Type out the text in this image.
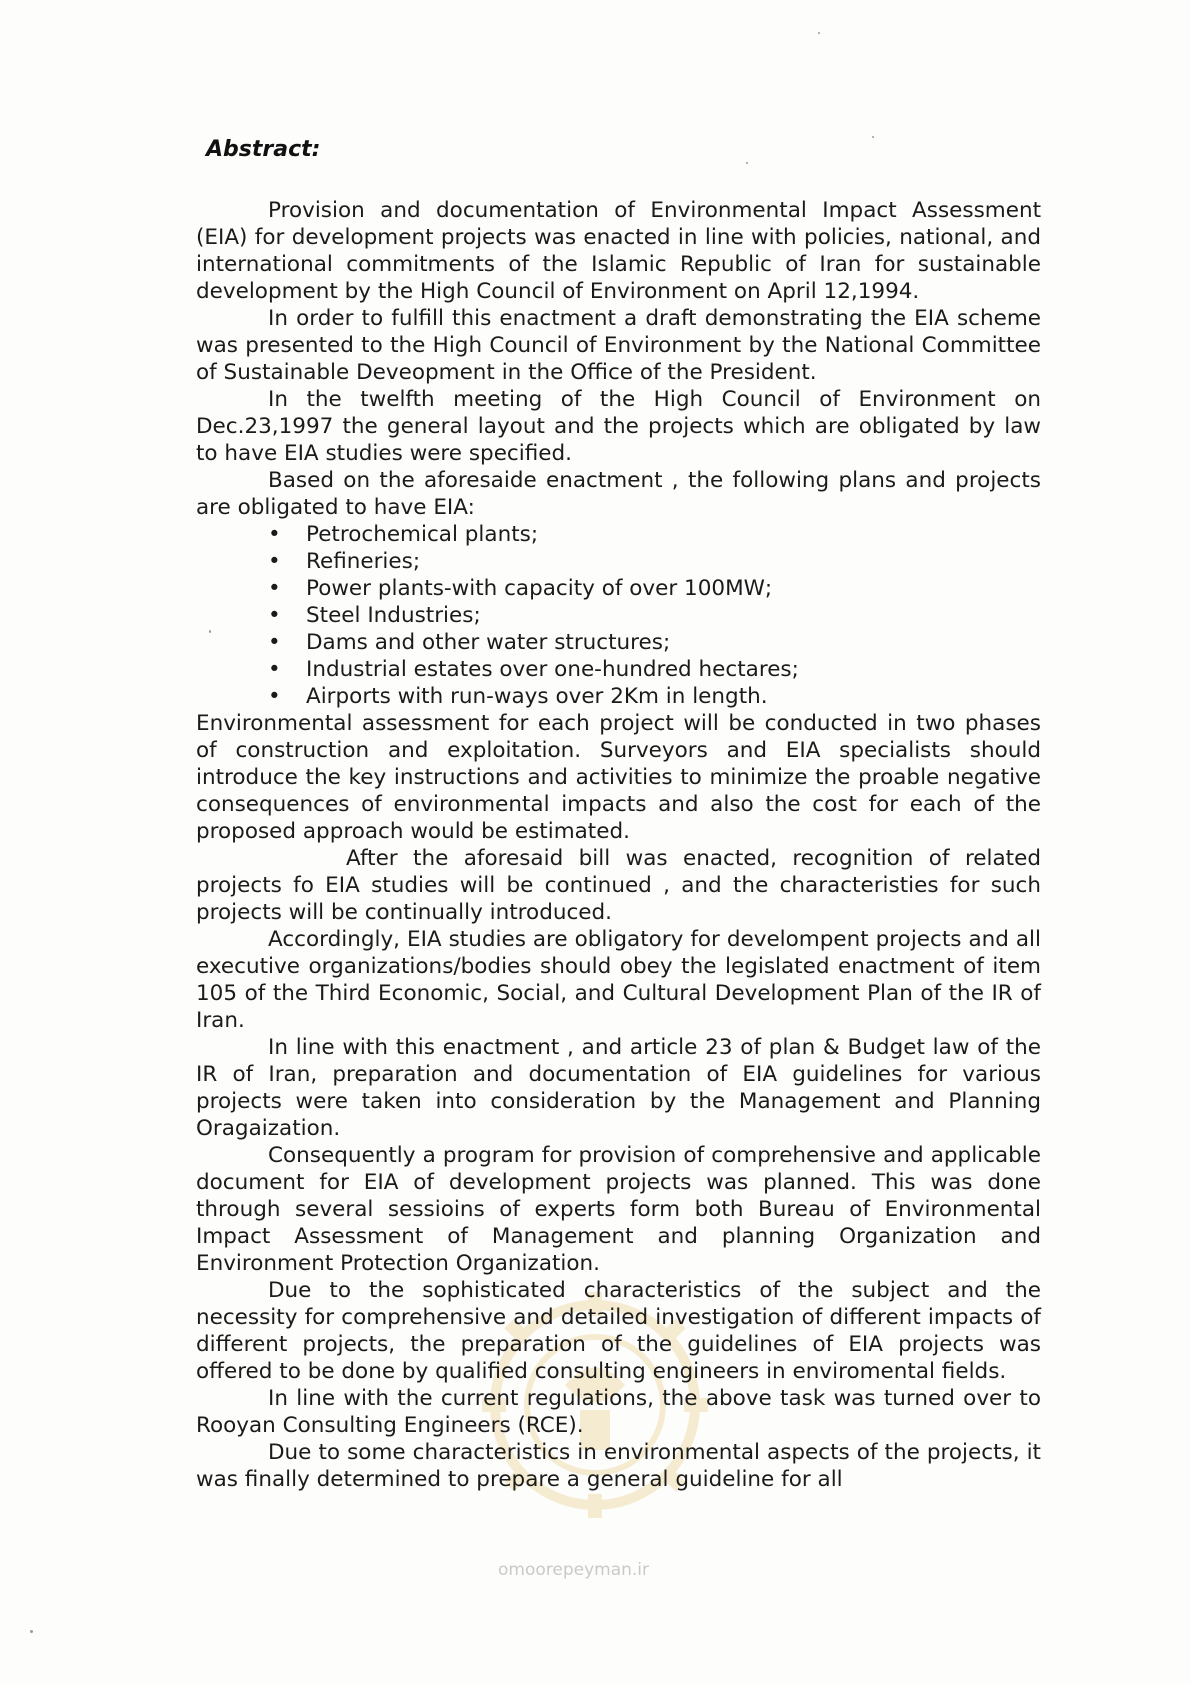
omoorepeyman.ir
Abstract:

Provision and documentation of Environmental Impact Assessment (EIA) for development projects was enacted in line with policies, national, and international commitments of the Islamic Republic of Iran for sustainable development by the High Council of Environment on April 12,1994.

In order to fulfill this enactment a draft demonstrating the EIA scheme was presented to the High Council of Environment by the National Committee of Sustainable Deveopment in the Office of the President.

In the twelfth meeting of the High Council of Environment on Dec.23,1997 the general layout and the projects which are obligated by law to have EIA studies were specified.

Based on the aforesaide enactment , the following plans and projects are obligated to have EIA:

•	Petrochemical plants;
•	Refineries;
•	Power plants-with capacity of over 100MW;
•	Steel Industries;
•	Dams and other water structures;
•	Industrial estates over one-hundred hectares;
•	Airports with run-ways over 2Km in length.

Environmental assessment for each project will be conducted in two phases of construction and exploitation. Surveyors and EIA specialists should introduce the key instructions and activities to minimize the proable negative consequences of environmental impacts and also the cost for each of the proposed approach would be estimated.

After the aforesaid bill was enacted, recognition of related projects fo EIA studies will be continued , and the characteristies for such projects will be continually introduced.

Accordingly, EIA studies are obligatory for develompent projects and all executive organizations/bodies should obey the legislated enactment of item 105 of the Third Economic, Social, and Cultural Development Plan of the IR of Iran.

In line with this enactment , and article 23 of plan & Budget law of the IR of Iran, preparation and documentation of EIA guidelines for various projects were taken into consideration by the Management and Planning Oragaization.

Consequently a program for provision of comprehensive and applicable document for EIA of development projects was planned. This was done through several sessioins of experts form both Bureau of Environmental Impact Assessment of Management and planning Organization and Environment Protection Organization.

Due to the sophisticated characteristics of the subject and the necessity for comprehensive and detailed investigation of different impacts of different projects, the preparation of the guidelines of EIA projects was offered to be done by qualified consulting engineers in enviromental fields.

In line with the current regulations, the above task was turned over to Rooyan Consulting Engineers (RCE).

Due to some characteristics in environmental aspects of the projects, it was finally determined to prepare a general guideline for all
